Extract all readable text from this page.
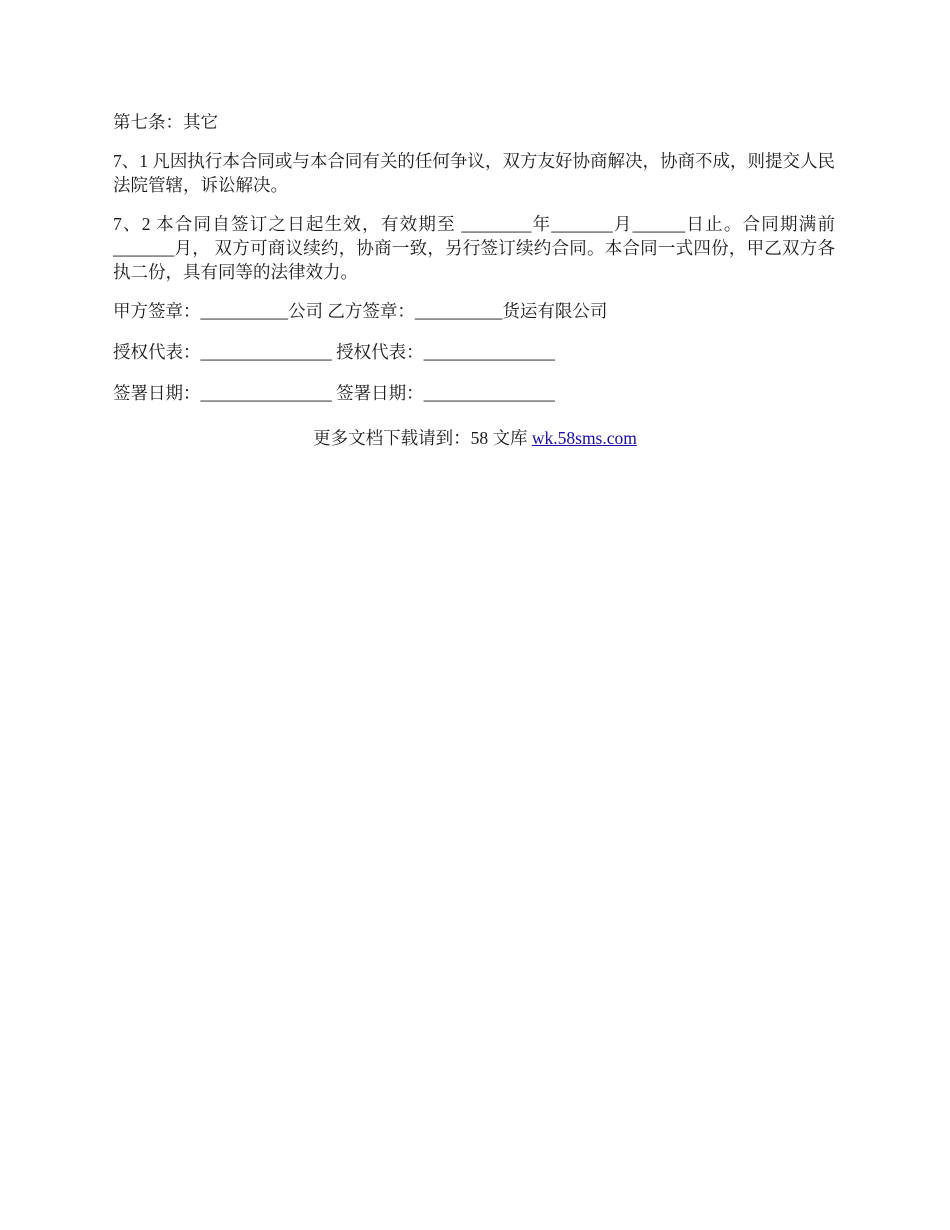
第七条：其它

7、1 凡因执行本合同或与本合同有关的任何争议，双方友好协商解决，协商不成，则提交人民法院管辖，诉讼解决。

7、2 本合同自签订之日起生效，有效期至 ________年_______月______日止。合同期满前_______月， 双方可商议续约，协商一致，另行签订续约合同。本合同一式四份，甲乙双方各执二份，具有同等的法律效力。

甲方签章：__________公司 乙方签章：__________货运有限公司

授权代表：_______________ 授权代表：_______________

签署日期：_______________ 签署日期：_______________

更多文档下载请到：58 文库 wk.58sms.com
